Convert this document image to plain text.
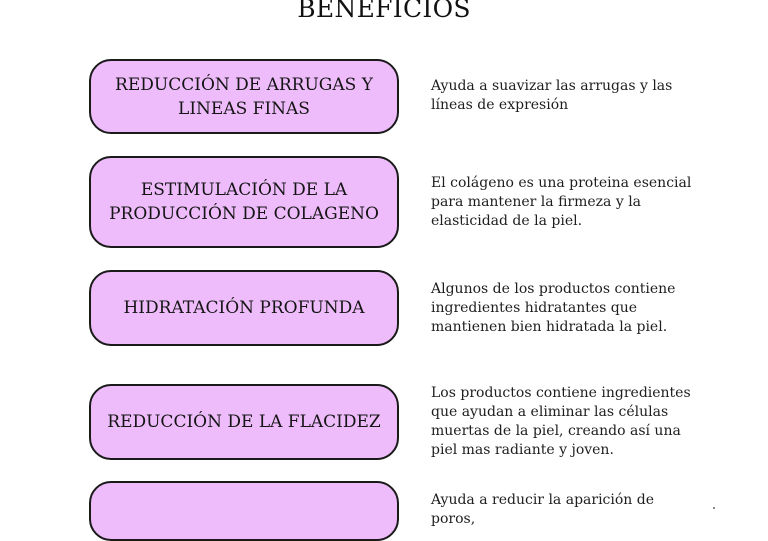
BENEFICIOS
REDUCCIÓN DE ARRUGAS Y LINEAS FINAS
Ayuda a suavizar las arrugas y las líneas de expresión
ESTIMULACIÓN DE LA PRODUCCIÓN DE COLAGENO
El colágeno es una proteina esencial para mantener la firmeza y la elasticidad de la piel.
HIDRATACIÓN PROFUNDA
Algunos de los productos contiene ingredientes hidratantes que mantienen bien hidratada la piel.
REDUCCIÓN DE LA FLACIDEZ
Los productos contiene ingredientes que ayudan a eliminar las células muertas de la piel, creando así una piel mas radiante y joven.
Ayuda a reducir la aparición de poros,
